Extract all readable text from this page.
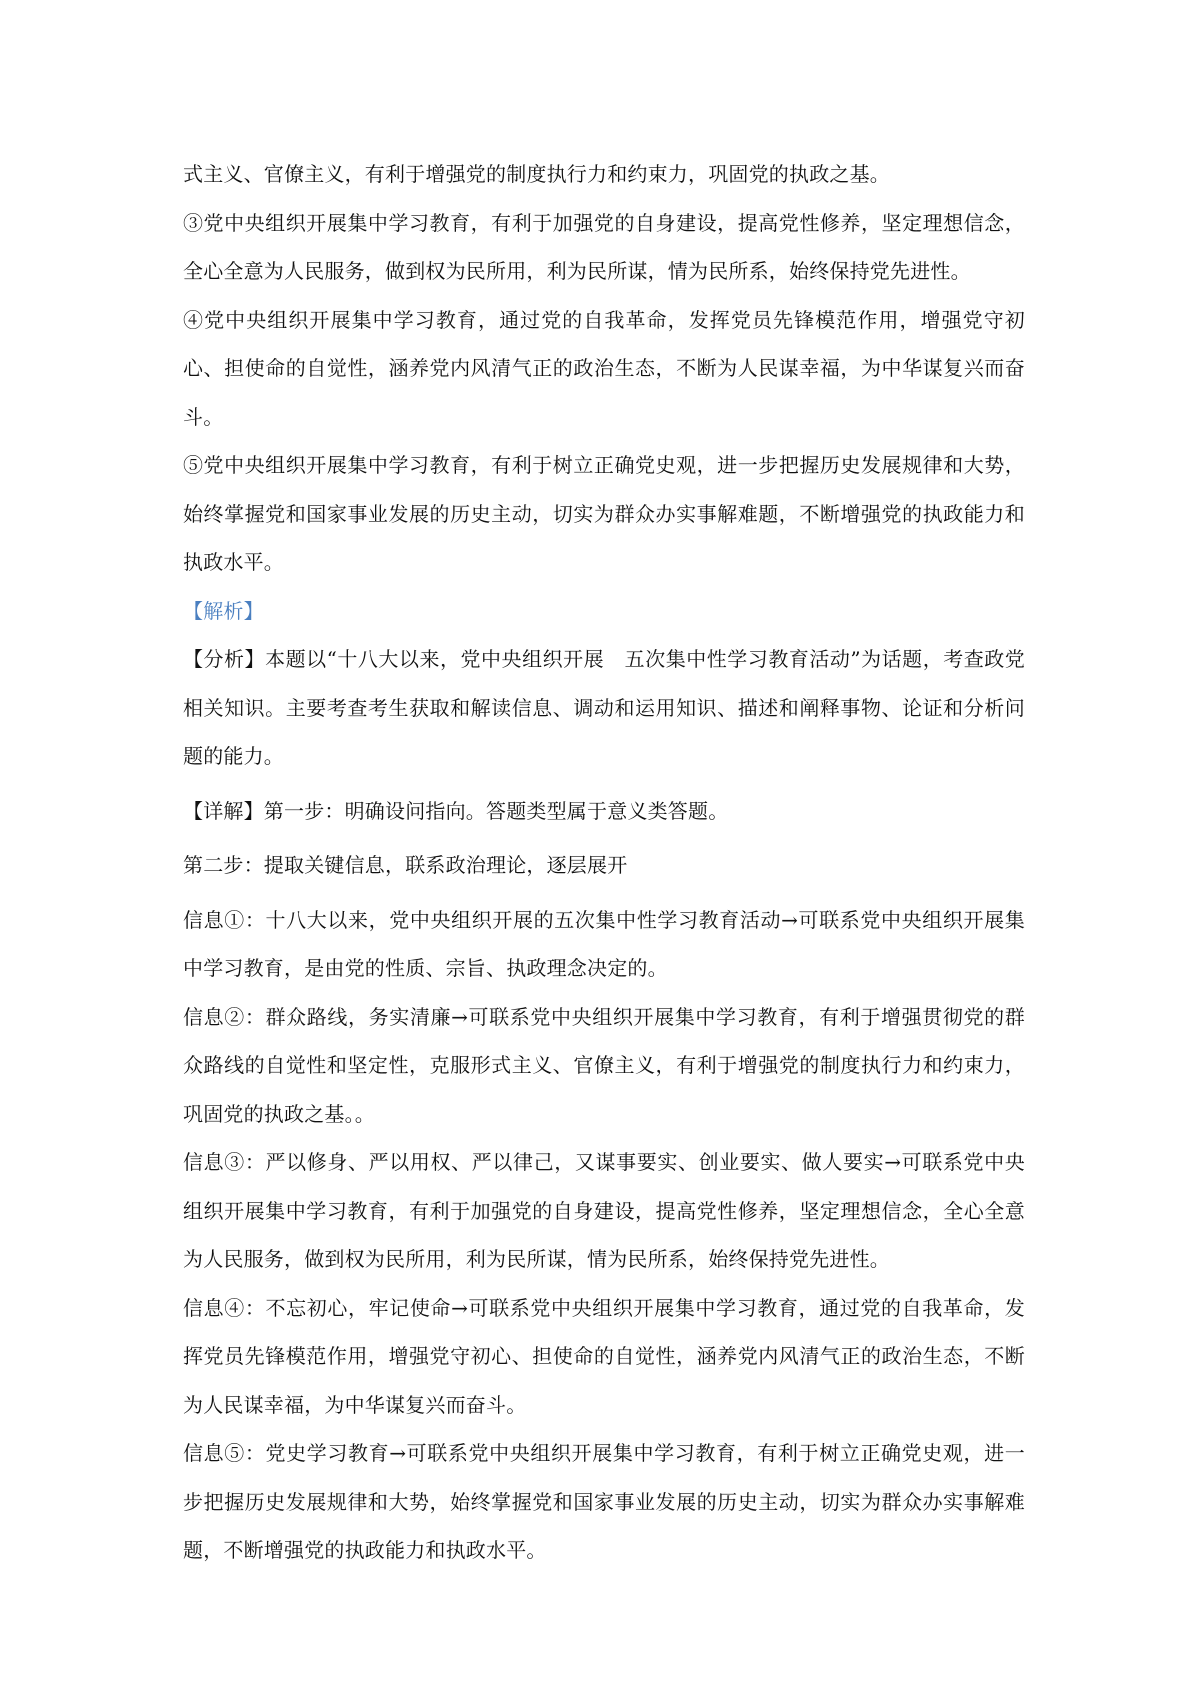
式主义、官僚主义，有利于增强党的制度执行力和约束力，巩固党的执政之基。

③党中央组织开展集中学习教育，有利于加强党的自身建设，提高党性修养，坚定理想信念，全心全意为人民服务，做到权为民所用，利为民所谋，情为民所系，始终保持党先进性。

④党中央组织开展集中学习教育，通过党的自我革命，发挥党员先锋模范作用，增强党守初心、担使命的自觉性，涵养党内风清气正的政治生态，不断为人民谋幸福，为中华谋复兴而奋斗。

⑤党中央组织开展集中学习教育，有利于树立正确党史观，进一步把握历史发展规律和大势，始终掌握党和国家事业发展的历史主动，切实为群众办实事解难题，不断增强党的执政能力和执政水平。

【解析】

【分析】本题以“十八大以来，党中央组织开展　五次集中性学习教育活动”为话题，考查政党相关知识。主要考查考生获取和解读信息、调动和运用知识、描述和阐释事物、论证和分析问题的能力。

【详解】第一步：明确设问指向。答题类型属于意义类答题。

第二步：提取关键信息，联系政治理论，逐层展开

信息①：十八大以来，党中央组织开展的五次集中性学习教育活动→可联系党中央组织开展集中学习教育，是由党的性质、宗旨、执政理念决定的。

信息②：群众路线，务实清廉→可联系党中央组织开展集中学习教育，有利于增强贯彻党的群众路线的自觉性和坚定性，克服形式主义、官僚主义，有利于增强党的制度执行力和约束力，巩固党的执政之基。。

信息③：严以修身、严以用权、严以律己，又谋事要实、创业要实、做人要实→可联系党中央组织开展集中学习教育，有利于加强党的自身建设，提高党性修养，坚定理想信念，全心全意为人民服务，做到权为民所用，利为民所谋，情为民所系，始终保持党先进性。

信息④：不忘初心，牢记使命→可联系党中央组织开展集中学习教育，通过党的自我革命，发挥党员先锋模范作用，增强党守初心、担使命的自觉性，涵养党内风清气正的政治生态，不断为人民谋幸福，为中华谋复兴而奋斗。

信息⑤：党史学习教育→可联系党中央组织开展集中学习教育，有利于树立正确党史观，进一步把握历史发展规律和大势，始终掌握党和国家事业发展的历史主动，切实为群众办实事解难题，不断增强党的执政能力和执政水平。
